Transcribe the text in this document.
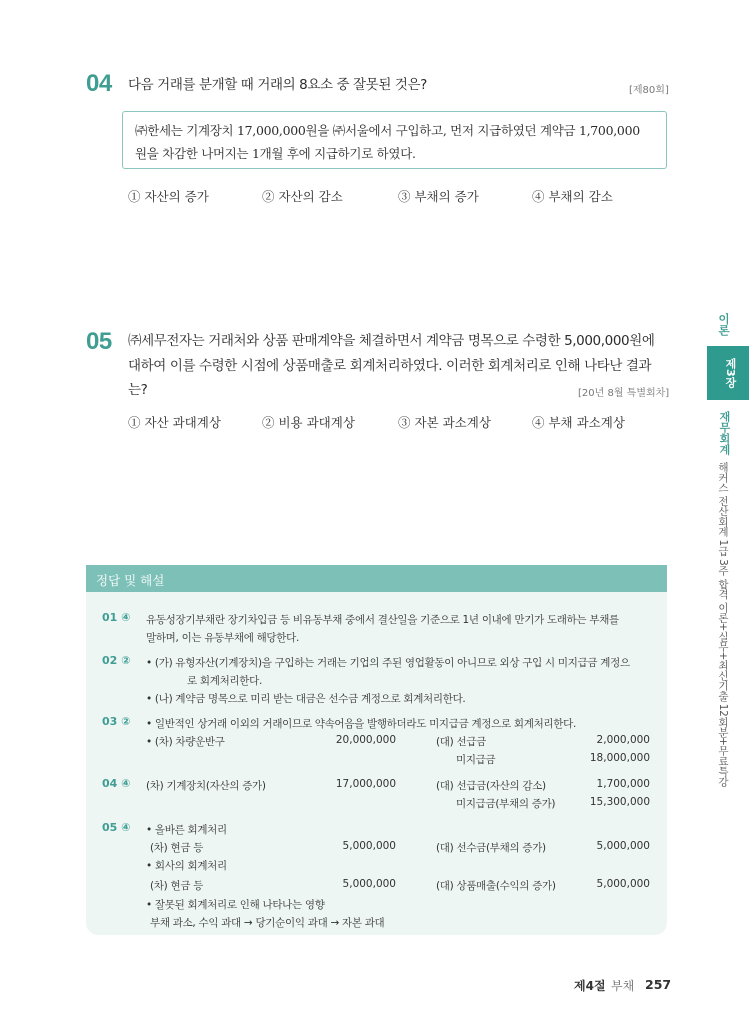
04 다음 거래를 분개할 때 거래의 8요소 중 잘못된 것은?	[제80회]
㈜한세는 기계장치 17,000,000원을 ㈜서울에서 구입하고, 먼저 지급하였던 계약금 1,700,000
원을 차감한 나머지는 1개월 후에 지급하기로 하였다.
① 자산의 증가	② 자산의 감소	③ 부채의 증가	④ 부채의 감소
05 ㈜세무전자는 거래처와 상품 판매계약을 체결하면서 계약금 명목으로 수령한 5,000,000원에
대하여 이를 수령한 시점에 상품매출로 회계처리하였다. 이러한 회계처리로 인해 나타난 결과
는?	[20년 8월 특별회차]
① 자산 과대계상	② 비용 과대계상	③ 자본 과소계상	④ 부채 과소계상
정답 및 해설
01 ④ 유동성장기부채란 장기차입금 등 비유동부채 중에서 결산일을 기준으로 1년 이내에 만기가 도래하는 부채를
말하며, 이는 유동부채에 해당한다.
02 ② • (가) 유형자산(기계장치)을 구입하는 거래는 기업의 주된 영업활동이 아니므로 외상 구입 시 미지급금 계정으
로 회계처리한다.
• (나) 계약금 명목으로 미리 받는 대금은 선수금 계정으로 회계처리한다.
03 ② • 일반적인 상거래 이외의 거래이므로 약속어음을 발행하더라도 미지급금 계정으로 회계처리한다.
• (차) 차량운반구	20,000,000	(대) 선급금	2,000,000
미지급금	18,000,000
04 ④ (차) 기계장치(자산의 증가)	17,000,000	(대) 선급금(자산의 감소)	1,700,000
미지급금(부채의 증가)	15,300,000
05 ④ • 올바른 회계처리
(차) 현금 등	5,000,000	(대) 선수금(부채의 증가)	5,000,000
• 회사의 회계처리
(차) 현금 등	5,000,000	(대) 상품매출(수익의 증가)	5,000,000
• 잘못된 회계처리로 인해 나타나는 영향
부채 과소, 수익 과대 → 당기순이익 과대 → 자본 과대
이론
제3장
재무회계
해커스 전산회계 1급 3주 합격 이론+실무+최신기출 12회분+무료특강
제4절 부채 257
